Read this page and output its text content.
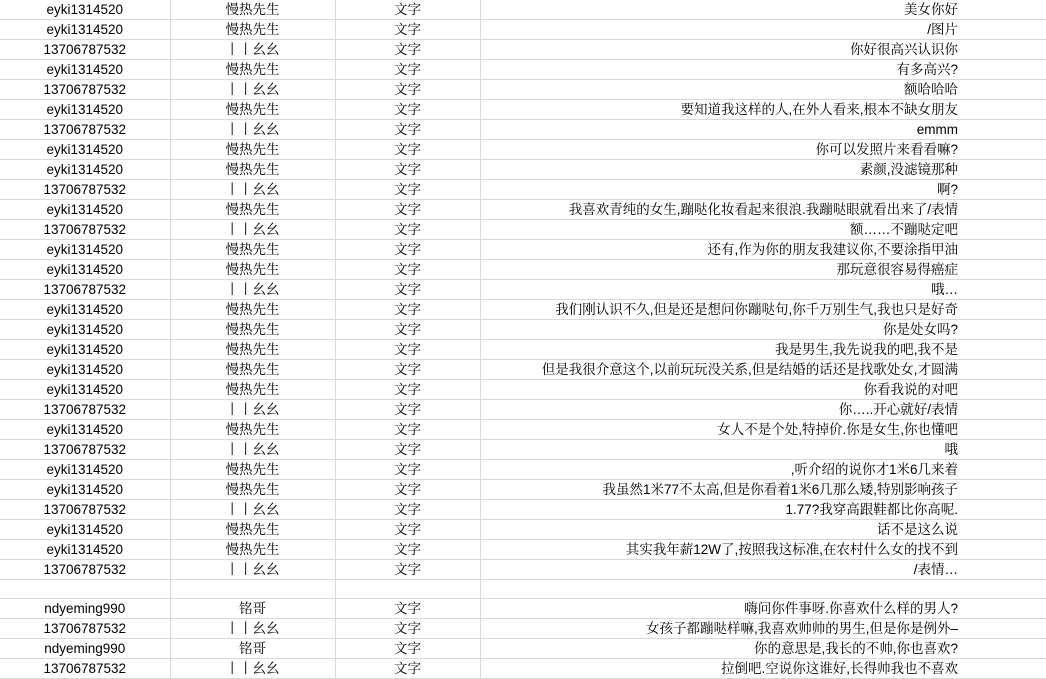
eyki1314520	慢热先生	文字	美女你好
eyki1314520	慢热先生	文字	/图片
13706787532	丨丨幺幺	文字	你好很高兴认识你
eyki1314520	慢热先生	文字	有多高兴?
13706787532	丨丨幺幺	文字	额哈哈哈
eyki1314520	慢热先生	文字	要知道我这样的人,在外人看来,根本不缺女朋友
13706787532	丨丨幺幺	文字	emmm
eyki1314520	慢热先生	文字	你可以发照片来看看嘛?
eyki1314520	慢热先生	文字	素颜,没滤镜那种
13706787532	丨丨幺幺	文字	啊?
eyki1314520	慢热先生	文字	我喜欢青纯的女生,蹦哒化妆看起来很浪.我蹦哒眼就看出来了/表情
13706787532	丨丨幺幺	文字	额……不蹦哒定吧
eyki1314520	慢热先生	文字	还有,作为你的朋友我建议你,不要涂指甲油
eyki1314520	慢热先生	文字	那玩意很容易得癌症
13706787532	丨丨幺幺	文字	哦…
eyki1314520	慢热先生	文字	我们刚认识不久,但是还是想问你蹦哒句,你千万别生气,我也只是好奇
eyki1314520	慢热先生	文字	你是处女吗?
eyki1314520	慢热先生	文字	我是男生,我先说我的吧,我不是
eyki1314520	慢热先生	文字	但是我很介意这个,以前玩玩没关系,但是结婚的话还是找歌处女,才圆满
eyki1314520	慢热先生	文字	你看我说的对吧
13706787532	丨丨幺幺	文字	你…..开心就好/表情
eyki1314520	慢热先生	文字	女人不是个处,特掉价.你是女生,你也懂吧
13706787532	丨丨幺幺	文字	哦
eyki1314520	慢热先生	文字	,听介绍的说你才1米6几来着
eyki1314520	慢热先生	文字	我虽然1米77不太高,但是你看着1米6几那么矮,特别影响孩子
13706787532	丨丨幺幺	文字	1.77?我穿高跟鞋都比你高呢.
eyki1314520	慢热先生	文字	话不是这么说
eyki1314520	慢热先生	文字	其实我年薪12W了,按照我这标准,在农村什么女的找不到
13706787532	丨丨幺幺	文字	/表情…

ndyeming990	铭哥	文字	嗨问你件事呀.你喜欢什么样的男人?
13706787532	丨丨幺幺	文字	女孩子都蹦哒样嘛,我喜欢帅帅的男生,但是你是例外–
ndyeming990	铭哥	文字	你的意思是,我长的不帅,你也喜欢?
13706787532	丨丨幺幺	文字	拉倒吧.空说你这谁好,长得帅我也不喜欢
